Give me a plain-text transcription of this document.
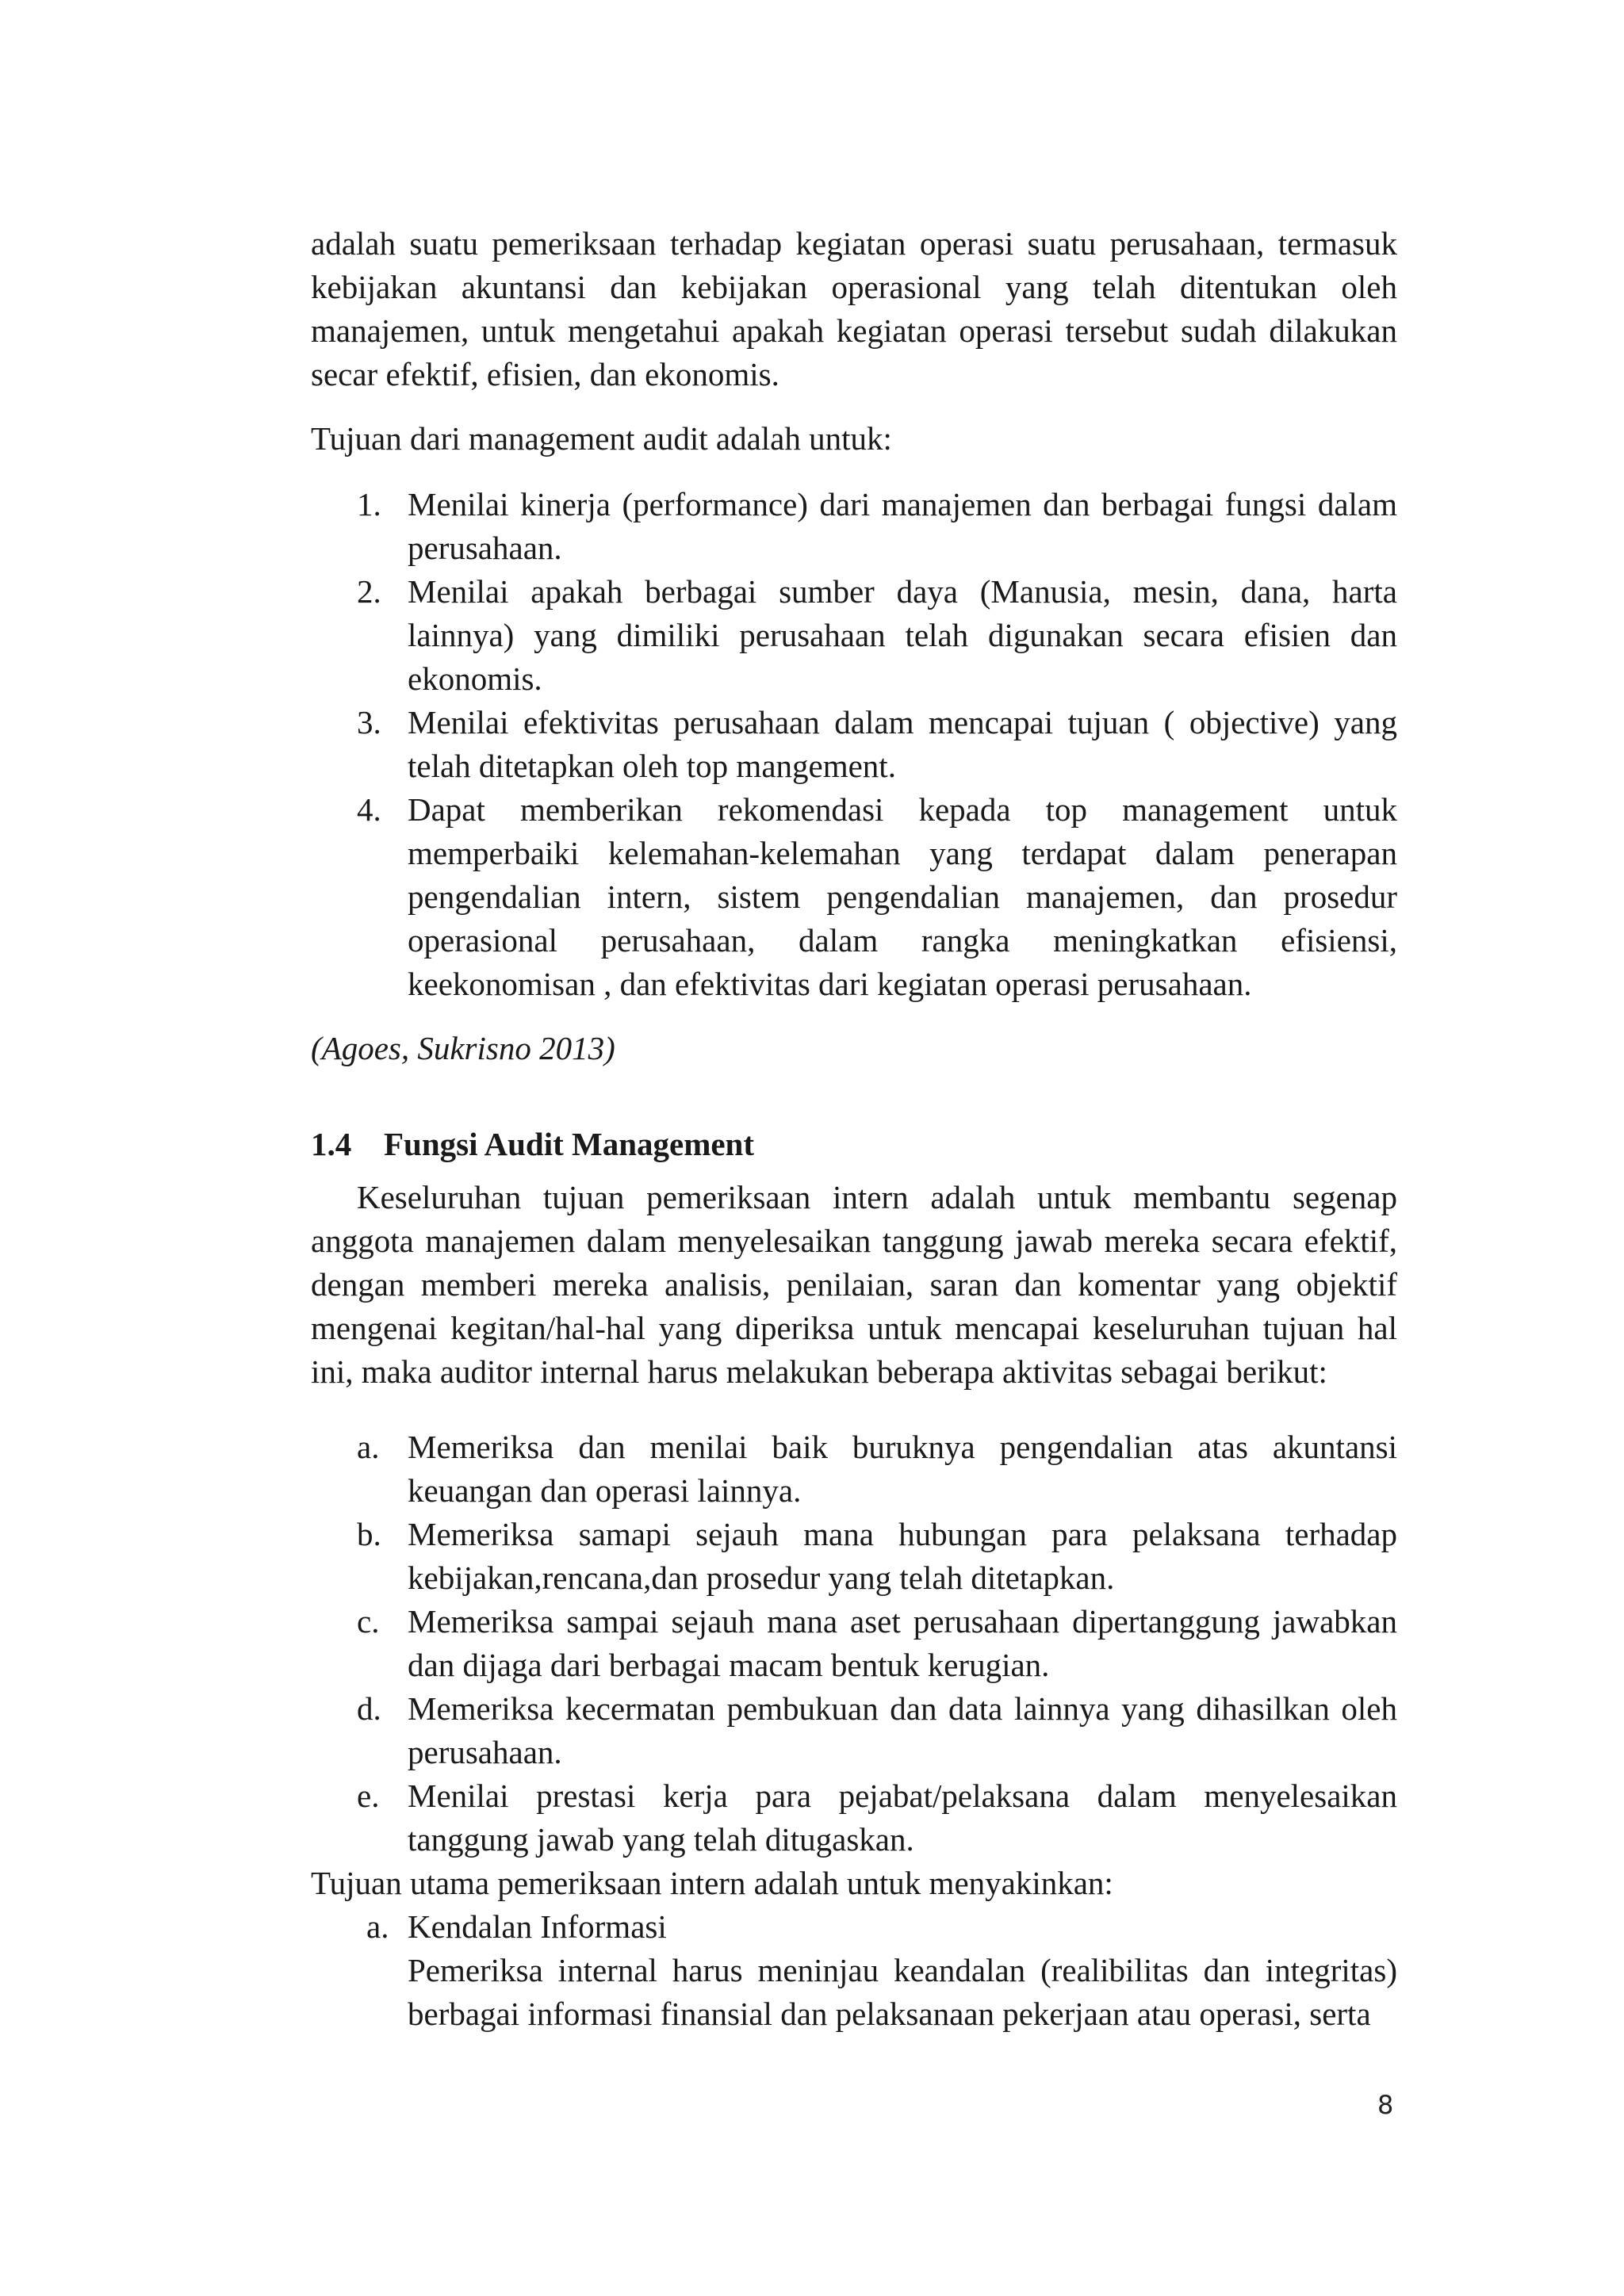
adalah suatu pemeriksaan terhadap kegiatan operasi suatu perusahaan, termasuk kebijakan akuntansi dan kebijakan operasional yang telah ditentukan oleh manajemen, untuk mengetahui apakah kegiatan operasi tersebut sudah dilakukan secar efektif, efisien, dan ekonomis.

Tujuan dari management audit adalah untuk:

1. Menilai kinerja (performance) dari manajemen dan berbagai fungsi dalam perusahaan.
2. Menilai apakah berbagai sumber daya (Manusia, mesin, dana, harta lainnya) yang dimiliki perusahaan telah digunakan secara efisien dan ekonomis.
3. Menilai efektivitas perusahaan dalam mencapai tujuan ( objective) yang telah ditetapkan oleh top mangement.
4. Dapat memberikan rekomendasi kepada top management untuk memperbaiki kelemahan-kelemahan yang terdapat dalam penerapan pengendalian intern, sistem pengendalian manajemen, dan prosedur operasional perusahaan, dalam rangka meningkatkan efisiensi, keekonomisan , dan efektivitas dari kegiatan operasi perusahaan.

(Agoes, Sukrisno 2013)

1.4 Fungsi Audit Management

Keseluruhan tujuan pemeriksaan intern adalah untuk membantu segenap anggota manajemen dalam menyelesaikan tanggung jawab mereka secara efektif, dengan memberi mereka analisis, penilaian, saran dan komentar yang objektif mengenai kegitan/hal-hal yang diperiksa untuk mencapai keseluruhan tujuan hal ini, maka auditor internal harus melakukan beberapa aktivitas sebagai berikut:

a. Memeriksa dan menilai baik buruknya pengendalian atas akuntansi keuangan dan operasi lainnya.
b. Memeriksa samapi sejauh mana hubungan para pelaksana terhadap kebijakan,rencana,dan prosedur yang telah ditetapkan.
c. Memeriksa sampai sejauh mana aset perusahaan dipertanggung jawabkan dan dijaga dari berbagai macam bentuk kerugian.
d. Memeriksa kecermatan pembukuan dan data lainnya yang dihasilkan oleh perusahaan.
e. Menilai prestasi kerja para pejabat/pelaksana dalam menyelesaikan tanggung jawab yang telah ditugaskan.

Tujuan utama pemeriksaan intern adalah untuk menyakinkan:

a. Kendalan Informasi

Pemeriksa internal harus meninjau keandalan (realibilitas dan integritas) berbagai informasi finansial dan pelaksanaan pekerjaan atau operasi, serta

8
